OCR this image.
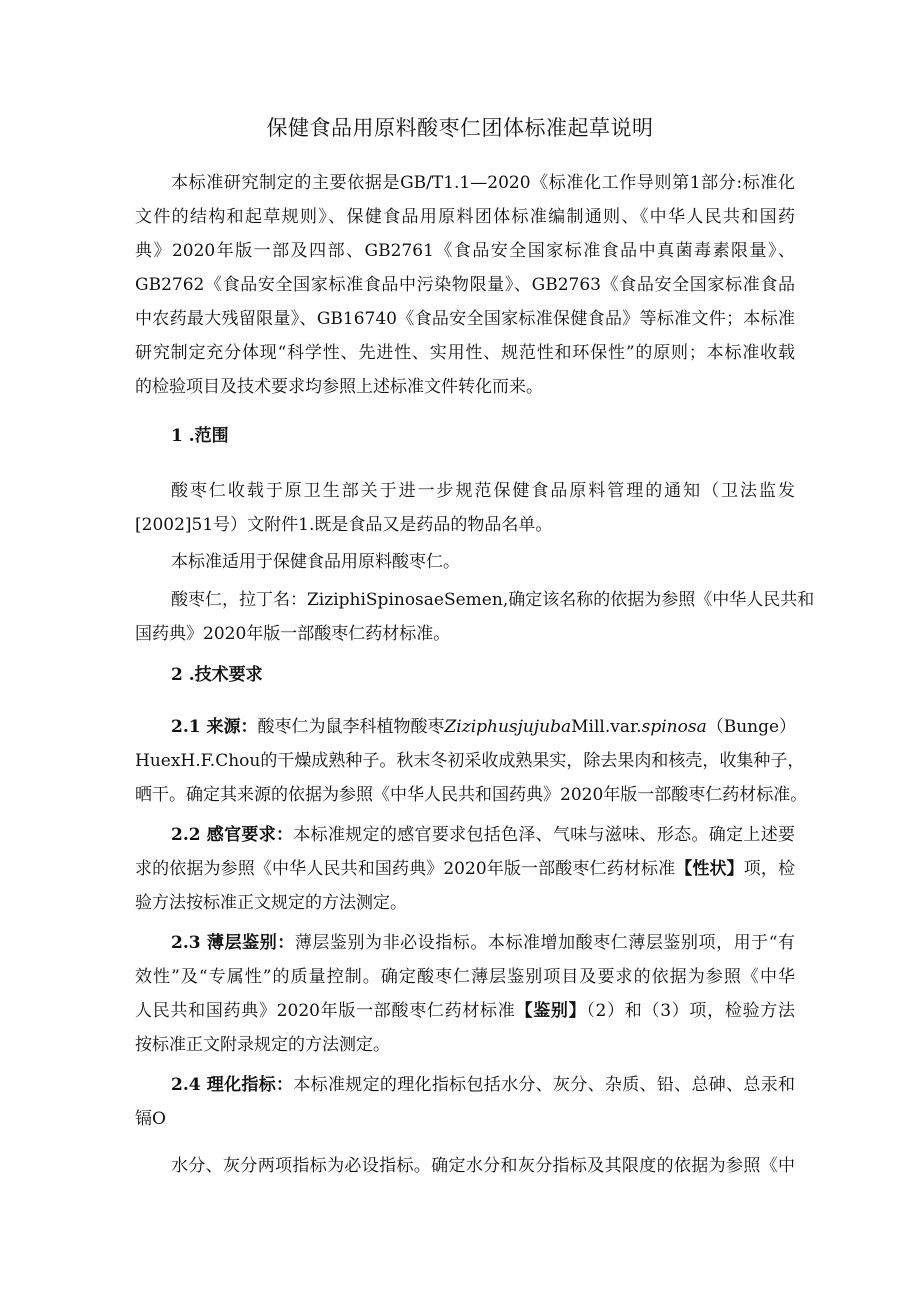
保健食品用原料酸枣仁团体标准起草说明

本标准研究制定的主要依据是GB/T1.1—2020《标准化工作导则第1部分:标准化

文件的结构和起草规则》、保健食品用原料团体标准编制通则、《中华人民共和国药

典》2020年版一部及四部、GB2761《食品安全国家标准食品中真菌毒素限量》、

GB2762《食品安全国家标准食品中污染物限量》、GB2763《食品安全国家标准食品

中农药最大残留限量》、GB16740《食品安全国家标准保健食品》等标准文件；本标准

研究制定充分体现“科学性、先进性、实用性、规范性和环保性”的原则；本标准收载

的检验项目及技术要求均参照上述标准文件转化而来。

1 .范围

酸枣仁收载于原卫生部关于进一步规范保健食品原料管理的通知（卫法监发

[2002]51号）文附件1.既是食品又是药品的物品名单。

本标准适用于保健食品用原料酸枣仁。

酸枣仁，拉丁名：ZiziphiSpinosaeSemen,确定该名称的依据为参照《中华人民共和

国药典》2020年版一部酸枣仁药材标准。

2 .技术要求

2.1 来源：酸枣仁为鼠李科植物酸枣ZiziphusjujubaMill.var.spinosa（Bunge）

HuexH.F.Chou的干燥成熟种子。秋末冬初采收成熟果实，除去果肉和核壳，收集种子，

晒干。确定其来源的依据为参照《中华人民共和国药典》2020年版一部酸枣仁药材标准。

2.2 感官要求：本标准规定的感官要求包括色泽、气味与滋味、形态。确定上述要

求的依据为参照《中华人民共和国药典》2020年版一部酸枣仁药材标准【性状】项，检

验方法按标准正文规定的方法测定。

2.3 薄层鉴别：薄层鉴别为非必设指标。本标准增加酸枣仁薄层鉴别项，用于“有

效性”及“专属性”的质量控制。确定酸枣仁薄层鉴别项目及要求的依据为参照《中华

人民共和国药典》2020年版一部酸枣仁药材标准【鉴别】（2）和（3）项，检验方法

按标准正文附录规定的方法测定。

2.4 理化指标：本标准规定的理化指标包括水分、灰分、杂质、铅、总砷、总汞和

镉O

水分、灰分两项指标为必设指标。确定水分和灰分指标及其限度的依据为参照《中
